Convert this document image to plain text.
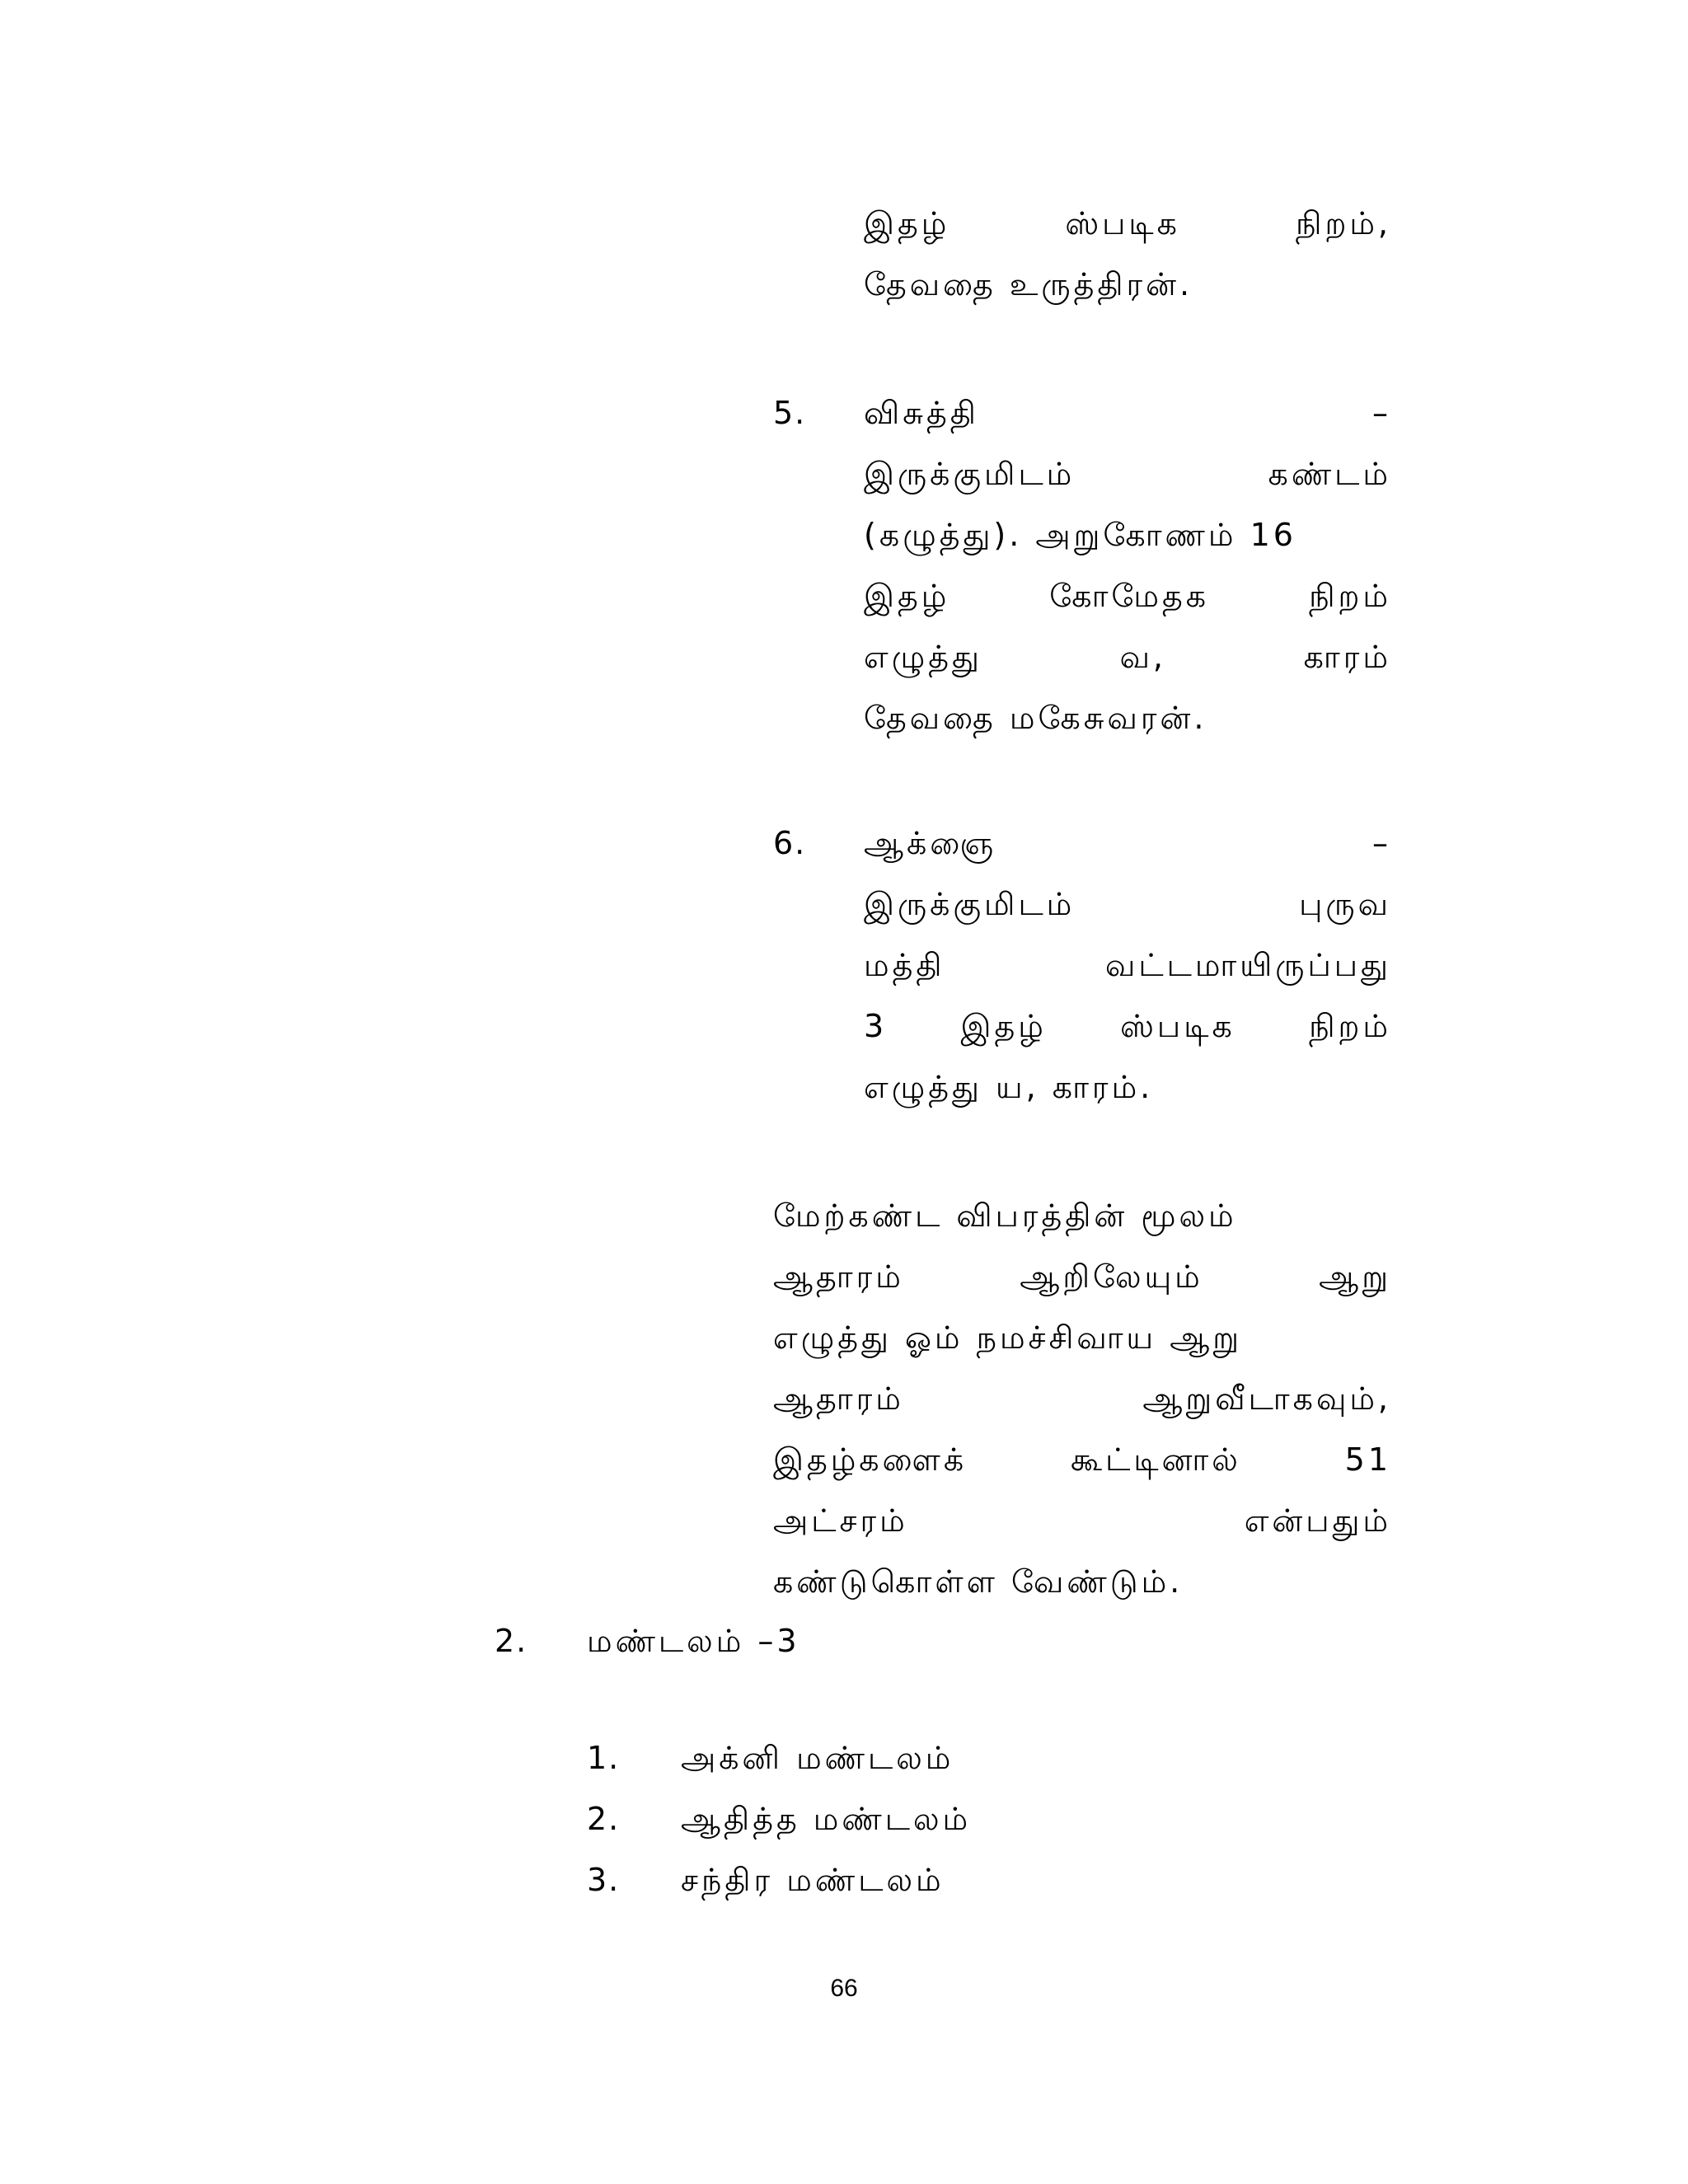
இதழ்	ஸ்படிக	நிறம்,
தேவதை உருத்திரன்.
5. விசுத்தி	–
இருக்குமிடம்	கண்டம்
(கழுத்து). அறுகோணம் 16
இதழ்	கோமேதக	நிறம்
எழுத்து	வ,	காரம்
தேவதை மகேசுவரன்.
6. ஆக்ஞை	–
இருக்குமிடம்	புருவ
மத்தி	வட்டமாயிருப்பது
3 இதழ் ஸ்படிக நிறம்
எழுத்து ய, காரம்.
மேற்கண்ட விபரத்தின் மூலம்
ஆதாரம்	ஆறிலேயும்	ஆறு
எழுத்து ஓம் நமச்சிவாய ஆறு
ஆதாரம்	ஆறுவீடாகவும்,
இதழ்களைக்	கூட்டினால்	51
அட்சரம்	என்பதும்
கண்டுகொள்ள வேண்டும்.
2. மண்டலம் –3
1. அக்னி மண்டலம்
2. ஆதித்த மண்டலம்
3. சந்திர மண்டலம்
66
